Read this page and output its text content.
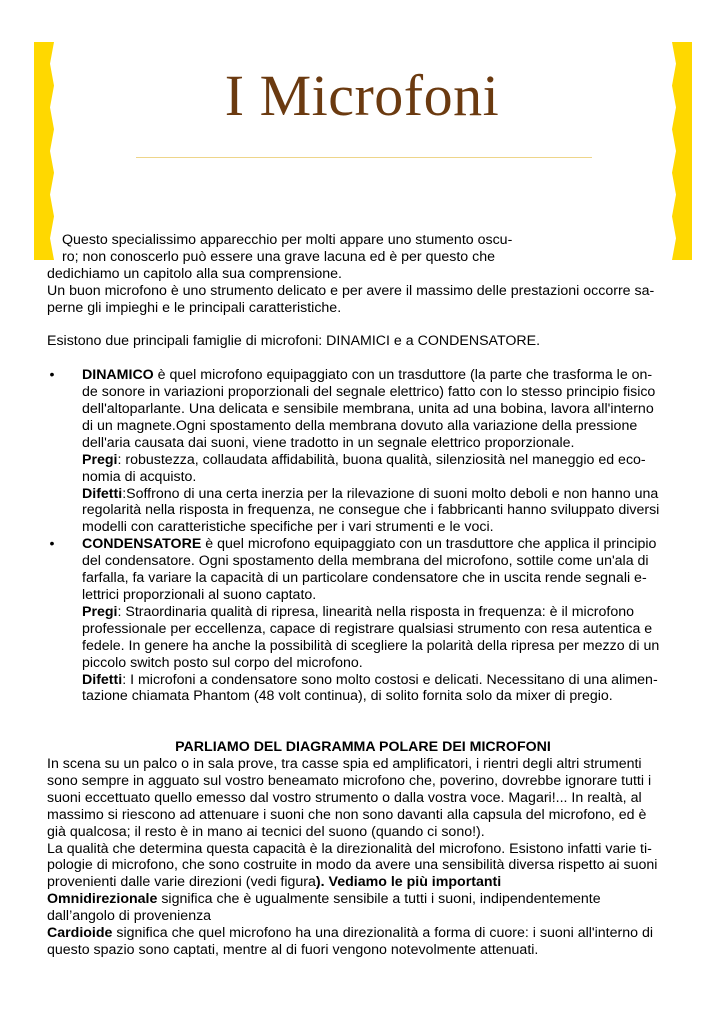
I Microfoni

Questo specialissimo apparecchio per molti appare uno stumento oscu-

ro; non conoscerlo può essere una grave lacuna ed è per questo che

dedichiamo un capitolo alla sua comprensione.

Un buon microfono è uno strumento delicato e per avere il massimo delle prestazioni occorre sa-

perne gli impieghi e le principali caratteristiche.

Esistono due principali famiglie di microfoni: DINAMICI e a CONDENSATORE.

• DINAMICO è quel microfono equipaggiato con un trasduttore (la parte che trasforma le on-

de sonore in variazioni proporzionali del segnale elettrico) fatto con lo stesso principio fisico

dell'altoparlante. Una delicata e sensibile membrana, unita ad una bobina, lavora all'interno

di un magnete.Ogni spostamento della membrana dovuto alla variazione della pressione

dell'aria causata dai suoni, viene tradotto in un segnale elettrico proporzionale.

Pregi: robustezza, collaudata affidabilità, buona qualità, silenziosità nel maneggio ed eco-

nomia di acquisto.

Difetti:Soffrono di una certa inerzia per la rilevazione di suoni molto deboli e non hanno una

regolarità nella risposta in frequenza, ne consegue che i fabbricanti hanno sviluppato diversi

modelli con caratteristiche specifiche per i vari strumenti e le voci.

• CONDENSATORE è quel microfono equipaggiato con un trasduttore che applica il principio

del condensatore. Ogni spostamento della membrana del microfono, sottile come un'ala di

farfalla, fa variare la capacità di un particolare condensatore che in uscita rende segnali e-

lettrici proporzionali al suono captato.

Pregi: Straordinaria qualità di ripresa, linearità nella risposta in frequenza: è il microfono

professionale per eccellenza, capace di registrare qualsiasi strumento con resa autentica e

fedele. In genere ha anche la possibilità di scegliere la polarità della ripresa per mezzo di un

piccolo switch posto sul corpo del microfono.

Difetti: I microfoni a condensatore sono molto costosi e delicati. Necessitano di una alimen-

tazione chiamata Phantom (48 volt continua), di solito fornita solo da mixer di pregio.

PARLIAMO DEL DIAGRAMMA POLARE DEI MICROFONI

In scena su un palco o in sala prove, tra casse spia ed amplificatori, i rientri degli altri strumenti

sono sempre in agguato sul vostro beneamato microfono che, poverino, dovrebbe ignorare tutti i

suoni eccettuato quello emesso dal vostro strumento o dalla vostra voce. Magari!... In realtà, al

massimo si riescono ad attenuare i suoni che non sono davanti alla capsula del microfono, ed è

già qualcosa; il resto è in mano ai tecnici del suono (quando ci sono!).

La qualità che determina questa capacità è la direzionalità del microfono. Esistono infatti varie ti-

pologie di microfono, che sono costruite in modo da avere una sensibilità diversa rispetto ai suoni

provenienti dalle varie direzioni (vedi figura). Vediamo le più importanti

Omnidirezionale significa che è ugualmente sensibile a tutti i suoni, indipendentemente

dall’angolo di provenienza

Cardioide significa che quel microfono ha una direzionalità a forma di cuore: i suoni all'interno di

questo spazio sono captati, mentre al di fuori vengono notevolmente attenuati.
